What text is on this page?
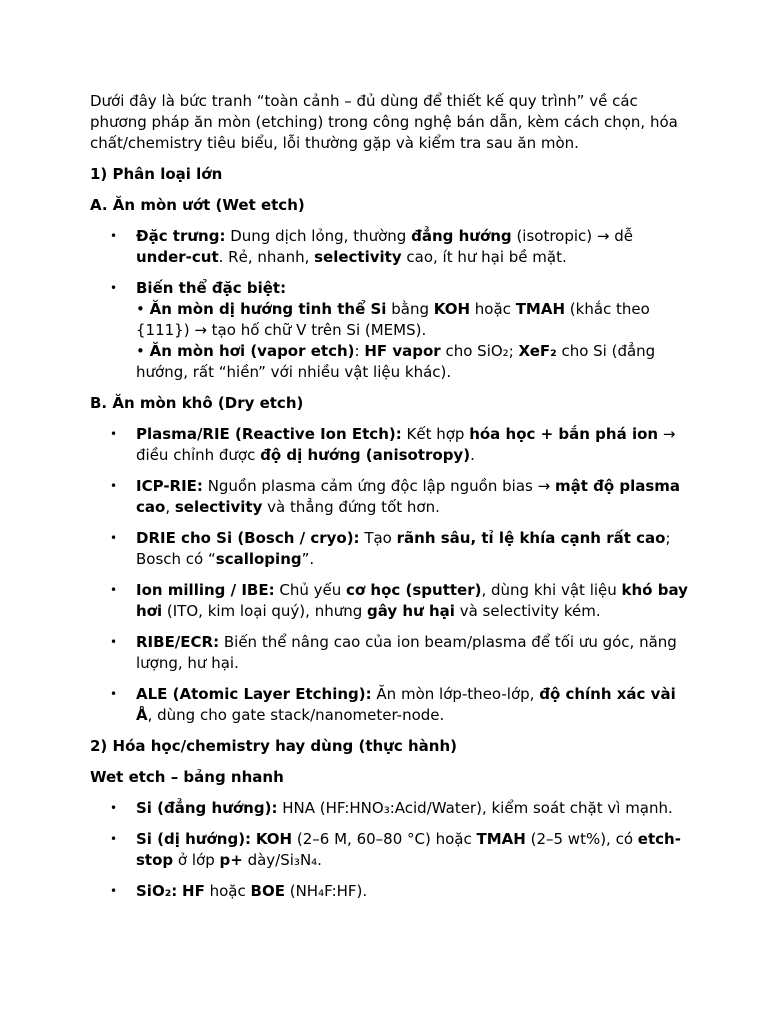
Dưới đây là bức tranh “toàn cảnh – đủ dùng để thiết kế quy trình” về các phương pháp ăn mòn (etching) trong công nghệ bán dẫn, kèm cách chọn, hóa chất/chemistry tiêu biểu, lỗi thường gặp và kiểm tra sau ăn mòn.

1) Phân loại lớn

A. Ăn mòn ướt (Wet etch)

• Đặc trưng: Dung dịch lỏng, thường đẳng hướng (isotropic) → dễ under-cut. Rẻ, nhanh, selectivity cao, ít hư hại bề mặt.
• Biến thể đặc biệt:
• Ăn mòn dị hướng tinh thể Si bằng KOH hoặc TMAH (khắc theo {111}) → tạo hố chữ V trên Si (MEMS).
• Ăn mòn hơi (vapor etch): HF vapor cho SiO₂; XeF₂ cho Si (đẳng hướng, rất “hiền” với nhiều vật liệu khác).

B. Ăn mòn khô (Dry etch)

• Plasma/RIE (Reactive Ion Etch): Kết hợp hóa học + bắn phá ion → điều chỉnh được độ dị hướng (anisotropy).
• ICP-RIE: Nguồn plasma cảm ứng độc lập nguồn bias → mật độ plasma cao, selectivity và thẳng đứng tốt hơn.
• DRIE cho Si (Bosch / cryo): Tạo rãnh sâu, tỉ lệ khía cạnh rất cao; Bosch có “scalloping”.
• Ion milling / IBE: Chủ yếu cơ học (sputter), dùng khi vật liệu khó bay hơi (ITO, kim loại quý), nhưng gây hư hại và selectivity kém.
• RIBE/ECR: Biến thể nâng cao của ion beam/plasma để tối ưu góc, năng lượng, hư hại.
• ALE (Atomic Layer Etching): Ăn mòn lớp-theo-lớp, độ chính xác vài Å, dùng cho gate stack/nanometer-node.

2) Hóa học/chemistry hay dùng (thực hành)

Wet etch – bảng nhanh

• Si (đẳng hướng): HNA (HF:HNO₃:Acid/Water), kiểm soát chặt vì mạnh.
• Si (dị hướng): KOH (2–6 M, 60–80 °C) hoặc TMAH (2–5 wt%), có etch-stop ở lớp p+ dày/Si₃N₄.
• SiO₂: HF hoặc BOE (NH₄F:HF).
